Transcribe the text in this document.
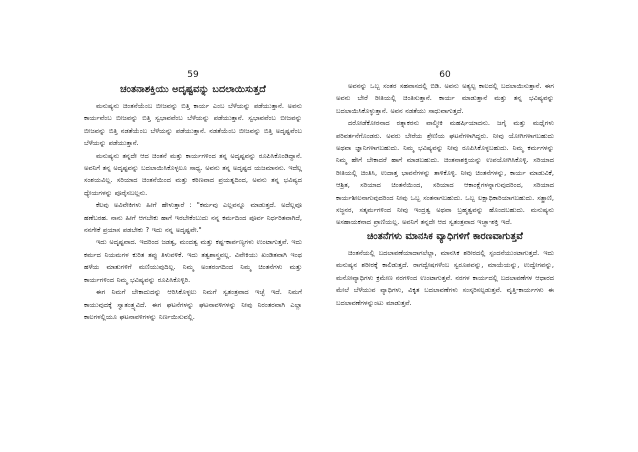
59
ಚಂತನಾಶಕ್ತಿಯು ಅದೃಷ್ಟವನ್ನು ಬದಲಾಯಿಸುತ್ತದೆ

ಮನುಷ್ಯನು ಚಿಂತನೆಯೆಂಬ ಬೀಜವನ್ನು ಬಿತ್ತಿ ಕಾರ್ಯ ಎಂಬ ಬೆಳೆಯನ್ನು ಪಡೆಯುತ್ತಾನೆ. ಅವನು ಕಾರ್ಯವೆಂಬ ಬೀಜವನ್ನು ಬಿತ್ತಿ ಸ್ವಭಾವವೆಂಬ ಬೆಳೆಯನ್ನು ಪಡೆಯುತ್ತಾನೆ. ಸ್ವಭಾವವೆಂಬ ಬೀಜವನ್ನು ಬೀಜವನ್ನು ಬಿತ್ತಿ ನಡತೆಯೆಂಬ ಬೆಳೆಯನ್ನು ಪಡೆಯುತ್ತಾನೆ. ನಡತೆಯೆಂಬ ಬೀಜವನ್ನು ಬಿತ್ತಿ ಅದೃಷ್ಟವೆಂಬ ಬೆಳೆಯನ್ನು ಪಡೆಯುತ್ತಾನೆ.

ಮನುಷ್ಯನು ತನ್ನದೇ ಆದ ಚಿಂತನೆ ಮತ್ತು ಕಾರ್ಯಗಳಿಂದ ತನ್ನ ಅದೃಷ್ಟವನ್ನು ರೂಪಿಸಿಕೊಂಡಿದ್ದಾನೆ. ಅವನಿಗೆ ತನ್ನ ಅದೃಷ್ಟವನ್ನು ಬದಲಾಯಿಸಿಕೊಳ್ಳಲೂ ಸಾಧ್ಯ. ಅವನು ತನ್ನ ಅದೃಷ್ಟದ ಯಜಮಾನನು. ಇದೆಲ್ಲ ಸಂಶಯವಿಲ್ಲ. ಸರಿಯಾದ ಚಿಂತನೆಯಿಂದ ಮತ್ತು ಕಠಿಣವಾದ ಪ್ರಯತ್ನದಿಂದ, ಅವನು ತನ್ನ ಭವಿಷ್ಯದ ಧ್ಯೇಯಗಳನ್ನು ಪೂರೈಸಬಲ್ಲನು.

ಕೆಲವು ಅವಿವೇಕಿಗಳು ಹೀಗೆ ಹೇಳುತ್ತಾರೆ : "ಕರ್ಮವು ಎಲ್ಲವನ್ನೂ ಮಾಡುತ್ತದೆ. ಅದೆಲ್ಲವೂ ಹಣೆಬರಹ. ನಾನು ಹೀಗೆ ಆಗಬೇಕು ಹಾಗೆ ಇರಬೇಕೆಂಬುದು ನನ್ನ ಕರ್ಮದಿಂದ ಪೂರ್ವ ನಿರ್ಧರಿತವಾಗಿದೆ, ನನಗೇಕೆ ಪ್ರಯಾಸ ಪಡಬೇಕು ? ಇದು ನನ್ನ ಅದೃಷ್ಟವೇ."

ಇದು ಅದೃಷ್ಟವಾದ. ಇದರಿಂದ ಜಡತ್ವ, ಮಂದತ್ವ ಮತ್ತು ಕಷ್ಟ-ಕಾರ್ಪಣ್ಯಗಳು ಉಂಟಾಗುತ್ತವೆ. ಇದು ಕರ್ಮದ ನಿಯಮಗಳ ಕುರಿತ ತಪ್ಪು ತಿಳುವಳಿಕೆ. ಇದು ತತ್ವಶಾಸ್ತ್ರವಲ್ಲ. ವಿವೇಕಿಯು ಖಂಡಿತವಾಗಿ ಇಂಥ ಹಳೆಯ ಮಾತುಗಳಿಗೆ ಮಣಿಯುವುದಿಲ್ಲ. ನಿಮ್ಮ ಅಂತರಂಗದಿಂದ ನಿಮ್ಮ ಚಿಂತನೆಗಳು ಮತ್ತು ಕಾರ್ಯಗಳಿಂದ ನಿಮ್ಮ ಭವಿಷ್ಯವನ್ನು ರೂಪಿಸಿಕೊಳ್ಳಿರಿ.

ಈಗ ನಿಮಗೆ ಬೇಕಾದುದನ್ನು ಆರಿಸಿಕೊಳ್ಳಲು ನಿಮಗೆ ಸ್ವತಂತ್ರವಾದ ಇಚ್ಛೆ ಇದೆ. ನಿಮಗೆ ಕಾಯುವುದಕ್ಕೆ ಸ್ವಾತಂತ್ರ್ಯವಿದೆ. ಈಗ ಘಟನೆಗಳನ್ನು ಘಟನಾವಳಿಗಳನ್ನು ನೀವು ನಿರಂತರವಾಗಿ ಎಲ್ಲಾ ಕಾಲಗಳಲ್ಲಿಯೂ ಘಟನಾವಳಿಗಳನ್ನು ನಿರ್ಣಯಿಸುವಲ್ಲಿ.

60

ಅವನನ್ನು ಒಬ್ಬ ಸಂತರ ಸಹವಾಸದಲ್ಲಿ ಬಿಡಿ. ಅವನು ಅತ್ಯಲ್ಪ ಕಾಲದಲ್ಲಿ ಬದಲಾಯಿಸುತ್ತಾನೆ. ಈಗ ಅವನು ಬೇರೆ ರೀತಿಯಲ್ಲಿ ಚಿಂತಿಸುತ್ತಾನೆ. ಕಾರ್ಯ ಮಾಡುತ್ತಾನೆ ಮತ್ತು ತನ್ನ ಭವಿಷ್ಯವನ್ನು ಬದಲಾಯಿಸಿಕೊಳ್ಳುತ್ತಾನೆ. ಅವನ ನಡತೆಯು ಸಾಧುವಾಗುತ್ತದೆ.

ದರೋಡೆಕೋರನಾದ ರತ್ನಾಕರನು ವಾಲ್ಮೀಕಿ ಮಹರ್ಷಿಯಾದನು. ಜಗೈ ಮತ್ತು ಮಧೈಗಳು ಪರಿವರ್ತನೆಗೊಂಡರು. ಅವರು ಬೇರೆಯ ಶ್ರೇಣಿಯ ಘಟನೆಗಳಾಗಿದ್ದರು. ನೀವು ಯೋಗಿಗಳಾಗಬಹುದು ಅಥವಾ ಜ್ಞಾನಿಗಳಾಗಬಹುದು. ನಿಮ್ಮ ಭವಿಷ್ಯವನ್ನು ನೀವು ರೂಪಿಸಿಕೊಳ್ಳಬಹುದು. ನಿಮ್ಮ ಕರ್ಮಗಳನ್ನು ನಿಮ್ಮ ಹೇಗೆ ಬೇಕಾದರೆ ಹಾಗೆ ಮಾಡಬಹುದು. ಚಿಂತನಾಶಕ್ತಿಯನ್ನು ಉಪಯೋಗಿಸಿಕೊಳ್ಳಿ. ಸರಿಯಾದ ರೀತಿಯಲ್ಲಿ ಚಿಂತಿಸಿ, ಉದಾತ್ತ ಭಾವನೆಗಳನ್ನು ತಾಳಿಕೊಳ್ಳಿ. ನೀವು ಚಿಂತನೆಗಳನ್ನು, ಕಾರ್ಯ ಮಾಡುವಿಕೆ, ಆಶ್ರಿತ, ಸರಿಯಾದ ಚಿಂತನೆಯಿಂದ, ಸರಿಯಾದ ಆಕಾಂಕ್ಷೆಗಳನ್ನಾಗುವುದರಿಂದ, ಸರಿಯಾದ ಕಾರ್ಯಶೀಲನಾಗುವುದರಿಂದ ನೀವು ಒಬ್ಬ ಸಂತನಾಗಬಹುದು. ಒಬ್ಬ ಲಕ್ಷಾಧಿಕಾರಿಯಾಗಬಹುದು. ಸತ್ಪ್ರಾಣಿ, ಸಜ್ಜನರ, ಸತ್ಕರ್ಮಗಳಿಂದ ನೀವು ಇಂದ್ರತ್ವ ಅಥವಾ ಬ್ರಹ್ಮತ್ವವನ್ನು ಹೊಂದಬಹುದು. ಮನುಷ್ಯನು ಅಸಹಾಯಕನಾದ ಪ್ರಾಣಿಯಲ್ಲ. ಅವನಿಗೆ ತನ್ನದೇ ಆದ ಸ್ವತಂತ್ರವಾದ ಇಚ್ಛಾ-ಶಕ್ತಿ ಇದೆ.

ಚಿಂತನೆಗಳು ಮಾನಸಿಕ ವ್ಯಾಧಿಗಳಿಗೆ ಕಾರಣವಾಗುತ್ತವೆ

ಚಿಂತನೆಯಲ್ಲಿ ಬದಲಾವಣೆಯಾದಾಗಲೆಲ್ಲಾ, ಮಾನಸಿಕ ಶರೀರದಲ್ಲಿ ಸ್ಪಂದನೆಯುಂಟಾಗುತ್ತದೆ. ಇದು ಮನುಷ್ಯನ ಶರೀರಕ್ಕೆ ಕಾಲಿಡುತ್ತದೆ. ರಾಗದ್ವೇಷಗಳೆಂಬ ಸ್ವರೂಪವನ್ನು, ಮಾಯೆಯನ್ನು, ಉದ್ವೇಗವನ್ನು, ಮನೋವ್ಯಾಧಿಗಳು ಕ್ರಮೇಣ ನರಗಳಿಂದ ಉಂಟಾಗುತ್ತವೆ. ನರಗಳ ಕಾರ್ಯದಲ್ಲಿ ಬದಲಾವಣೆಗಳ ಆಧಾರದ ಮೇಲೆ ಬೆಳೆಯುವ ವ್ಯಾಧಿಗಳು, ವಿಕೃತ ಬದಲಾವಣೆಗಳು ಸಂಸ್ಕರಿಸಲ್ಪಡುತ್ತವೆ. ವೃತ್ತಿ-ಕಾರ್ಯಗಳು ಈ ಬದಲಾವಣೆಗಳನ್ನುಂಟು ಮಾಡುತ್ತವೆ.
